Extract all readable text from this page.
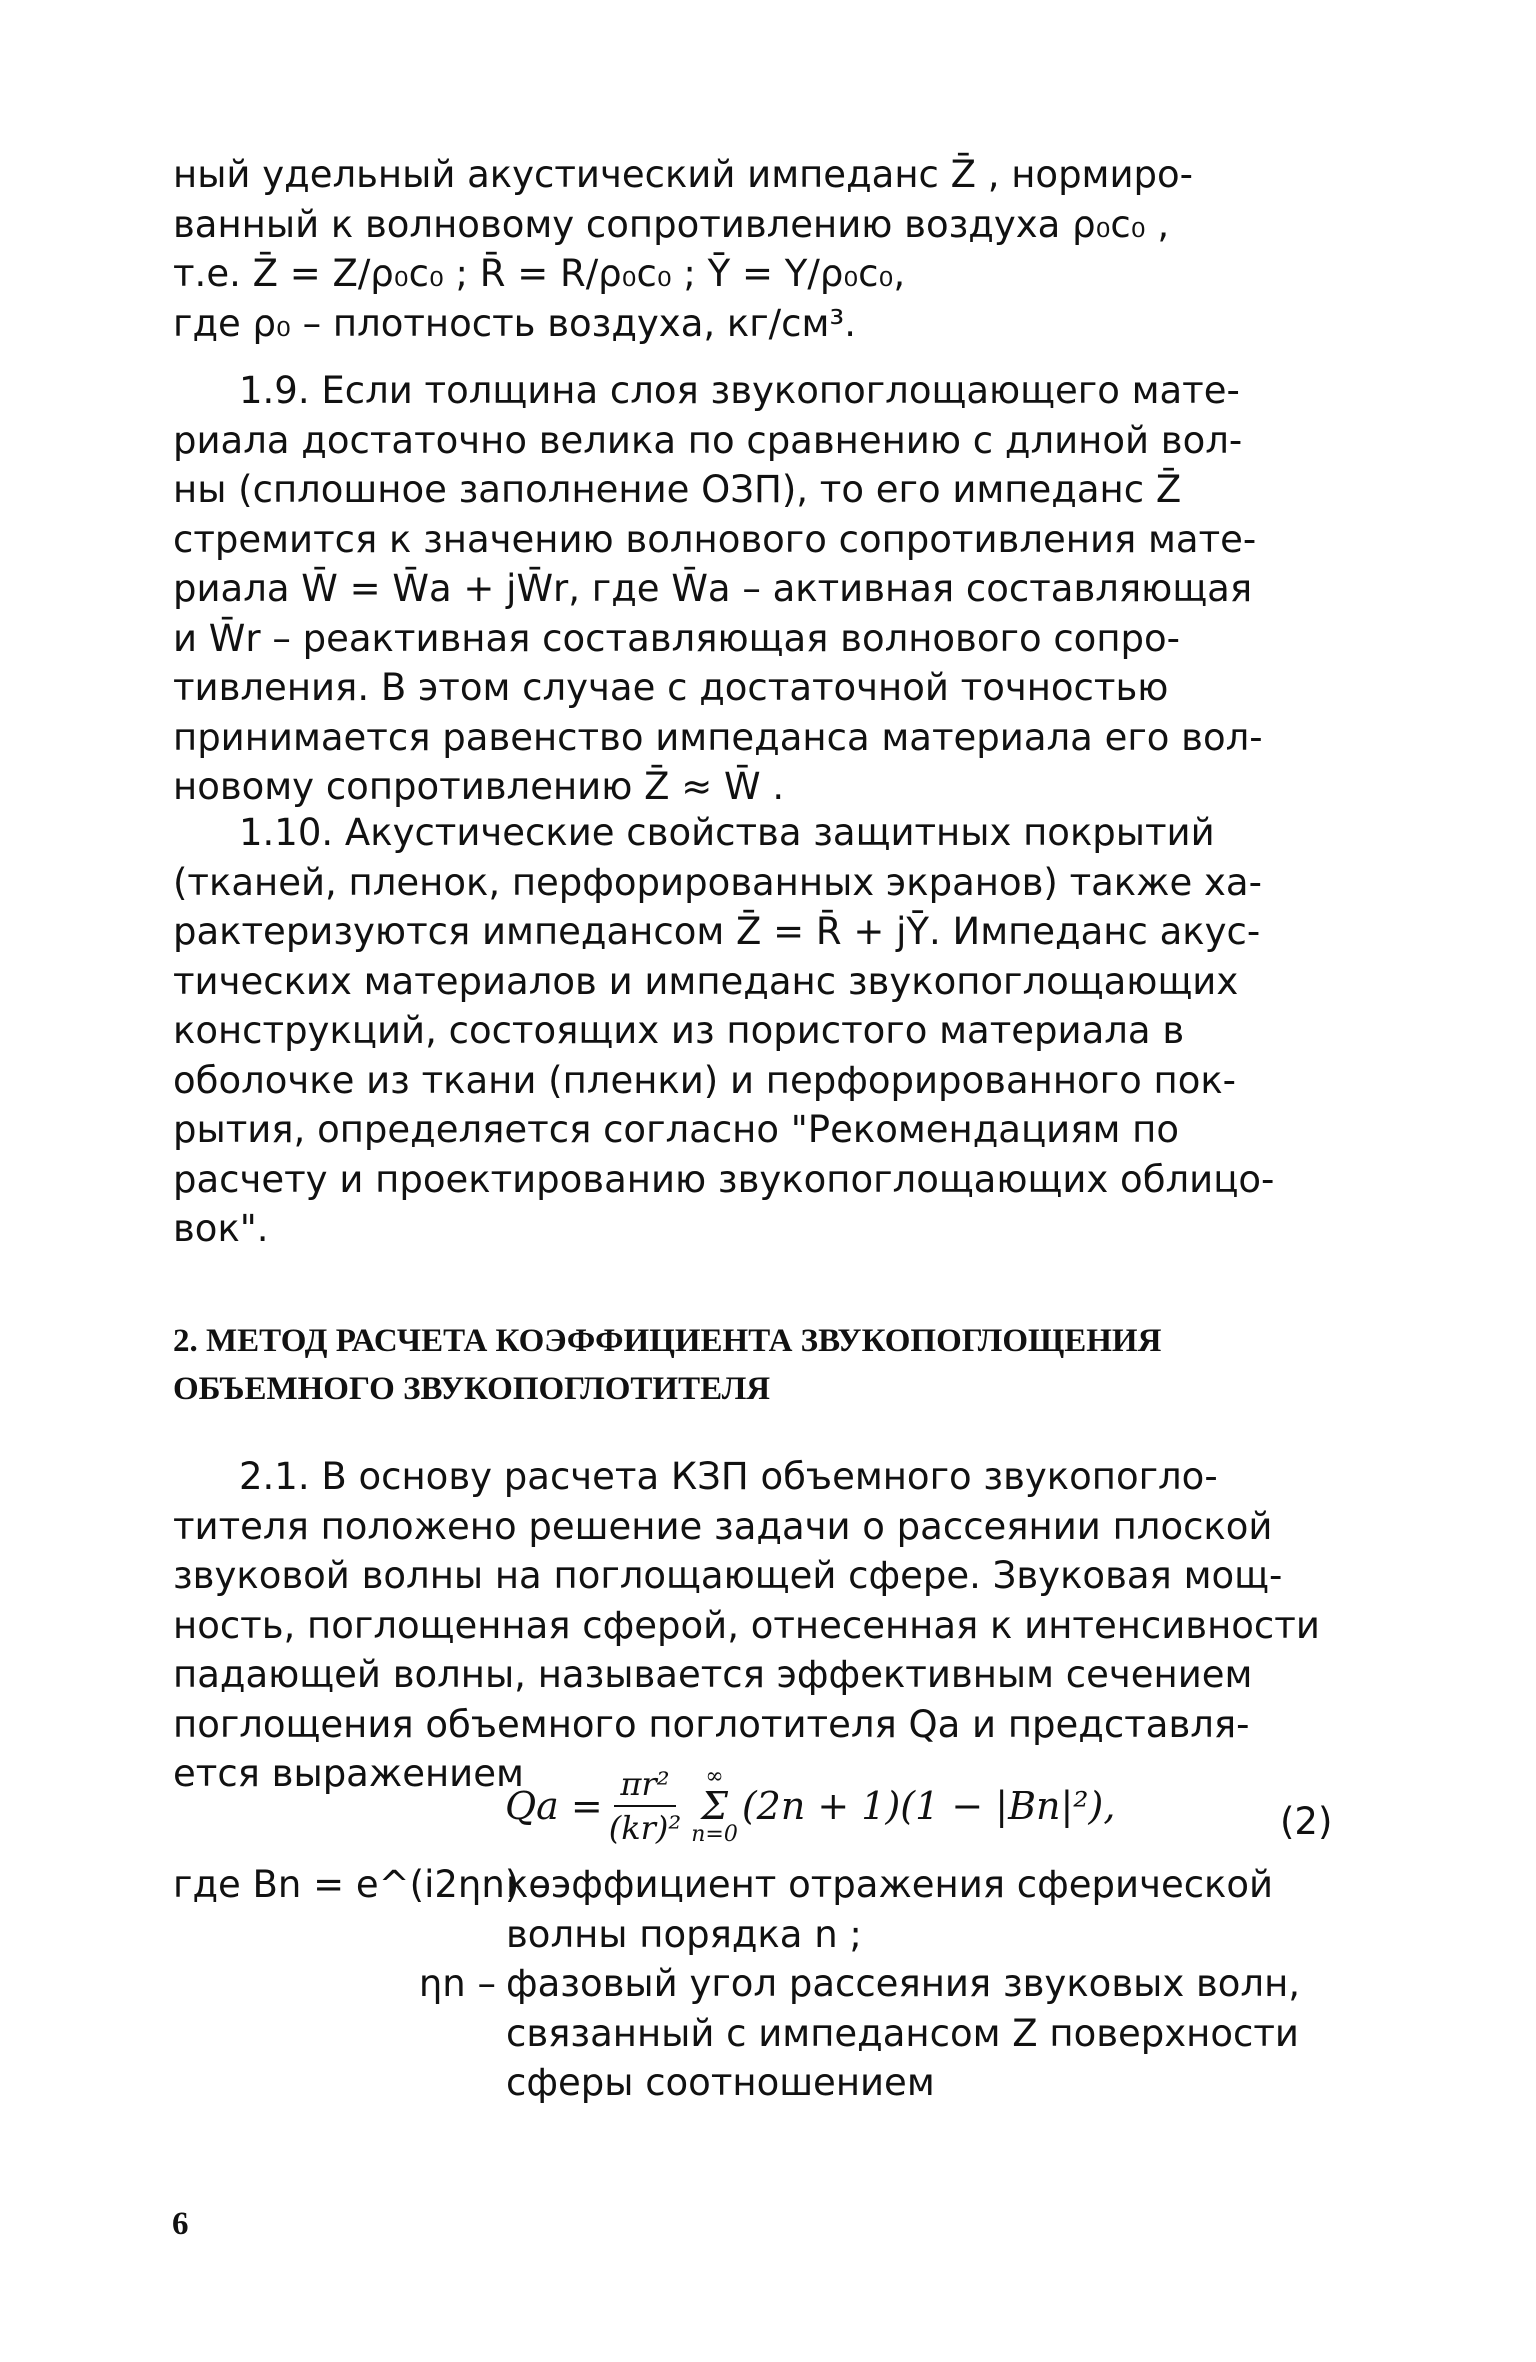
ный удельный акустический импеданс Z̄ , нормиро-
ванный к волновому сопротивлению воздуха ρ₀c₀ ,
т.е. Z̄ = Z/ρ₀c₀ ; R̄ = R/ρ₀c₀ ; Ȳ = Y/ρ₀c₀,
где ρ₀ – плотность воздуха, кг/см³.
1.9. Если толщина слоя звукопоглощающего мате-
риала достаточно велика по сравнению с длиной вол-
ны (сплошное заполнение ОЗП), то его импеданс Z̄
стремится к значению волнового сопротивления мате-
риала W̄ = W̄a + jW̄r, где W̄a – активная составляющая
и W̄r – реактивная составляющая волнового сопро-
тивления. В этом случае с достаточной точностью
принимается равенство импеданса материала его вол-
новому сопротивлению Z̄ ≈ W̄ .
1.10. Акустические свойства защитных покрытий
(тканей, пленок, перфорированных экранов) также ха-
рактеризуются импедансом Z̄ = R̄ + jȲ. Импеданс акус-
тических материалов и импеданс звукопоглощающих
конструкций, состоящих из пористого материала в
оболочке из ткани (пленки) и перфорированного пок-
рытия, определяется согласно "Рекомендациям по
расчету и проектированию звукопоглощающих облицо-
вок".
2. МЕТОД РАСЧЕТА КОЭФФИЦИЕНТА ЗВУКОПОГЛОЩЕНИЯ
ОБЪЕМНОГО ЗВУКОПОГЛОТИТЕЛЯ
2.1. В основу расчета КЗП объемного звукопогло-
тителя положено решение задачи о рассеянии плоской
звуковой волны на поглощающей сфере. Звуковая мощ-
ность, поглощенная сферой, отнесенная к интенсивности
падающей волны, называется эффективным сечением
поглощения объемного поглотителя Qa и представля-
ется выражением
$Qa = \frac{\text{πr²}}{\text{(kr)²}}$ ∞
Σ
n=0
(2n + 1)(1 − |Bn|²),	(2)
где Bn = e^(i2ηn) –
коэффициент отражения сферической волны порядка n ;
ηn – фазовый угол рассеяния звуковых волн, связанный с импедансом Z поверхности сферы соотношением
6
